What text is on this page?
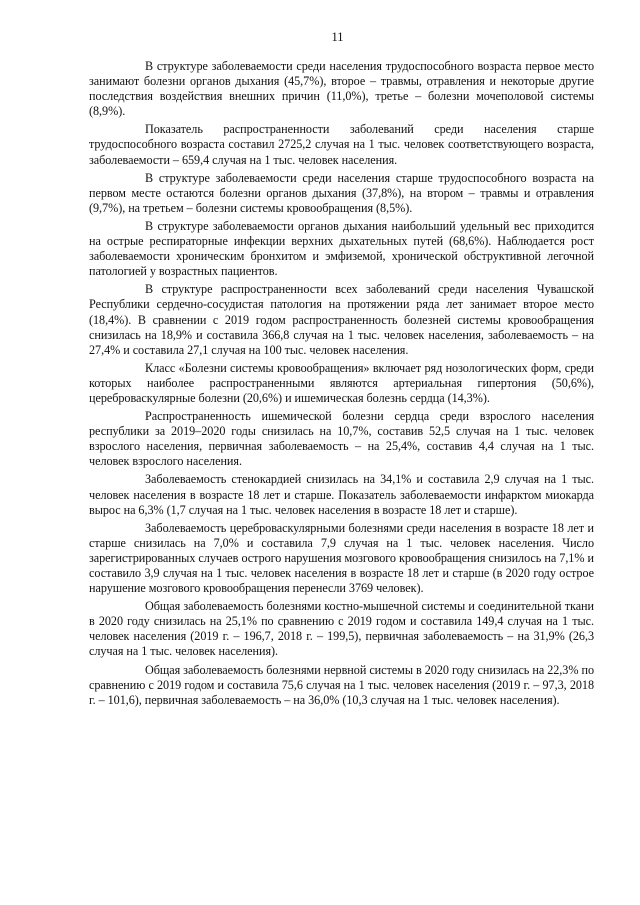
11

В структуре заболеваемости среди населения трудоспособного возраста первое место занимают болезни органов дыхания (45,7%), второе – травмы, отравления и некоторые другие последствия воздействия внешних причин (11,0%), третье – болезни мочеполовой системы (8,9%).

Показатель распространенности заболеваний среди населения старше трудоспособного возраста составил 2725,2 случая на 1 тыс. человек соответствующего возраста, заболеваемости – 659,4 случая на 1 тыс. человек населения.

В структуре заболеваемости среди населения старше трудоспособного возраста на первом месте остаются болезни органов дыхания (37,8%), на втором – травмы и отравления (9,7%), на третьем – болезни системы кровообращения (8,5%).

В структуре заболеваемости органов дыхания наибольший удельный вес приходится на острые респираторные инфекции верхних дыхательных путей (68,6%). Наблюдается рост заболеваемости хроническим бронхитом и эмфиземой, хронической обструктивной легочной патологией у возрастных пациентов.

В структуре распространенности всех заболеваний среди населения Чувашской Республики сердечно-сосудистая патология на протяжении ряда лет занимает второе место (18,4%). В сравнении с 2019 годом распространенность болезней системы кровообращения снизилась на 18,9% и составила 366,8 случая на 1 тыс. человек населения, заболеваемость – на 27,4% и составила 27,1 случая на 100 тыс. человек населения.

Класс «Болезни системы кровообращения» включает ряд нозологических форм, среди которых наиболее распространенными являются артериальная гипертония (50,6%), цереброваскулярные болезни (20,6%) и ишемическая болезнь сердца (14,3%).

Распространенность ишемической болезни сердца среди взрослого населения республики за 2019–2020 годы снизилась на 10,7%, составив 52,5 случая на 1 тыс. человек взрослого населения, первичная заболеваемость – на 25,4%, составив 4,4 случая на 1 тыс. человек взрослого населения.

Заболеваемость стенокардией снизилась на 34,1% и составила 2,9 случая на 1 тыс. человек населения в возрасте 18 лет и старше. Показатель заболеваемости инфарктом миокарда вырос на 6,3% (1,7 случая на 1 тыс. человек населения в возрасте 18 лет и старше).

Заболеваемость цереброваскулярными болезнями среди населения в возрасте 18 лет и старше снизилась на 7,0% и составила 7,9 случая на 1 тыс. человек населения. Число зарегистрированных случаев острого нарушения мозгового кровообращения снизилось на 7,1% и составило 3,9 случая на 1 тыс. человек населения в возрасте 18 лет и старше (в 2020 году острое нарушение мозгового кровообращения перенесли 3769 человек).

Общая заболеваемость болезнями костно-мышечной системы и соединительной ткани в 2020 году снизилась на 25,1% по сравнению с 2019 годом и составила 149,4 случая на 1 тыс. человек населения (2019 г. – 196,7, 2018 г. – 199,5), первичная заболеваемость – на 31,9% (26,3 случая на 1 тыс. человек населения).

Общая заболеваемость болезнями нервной системы в 2020 году снизилась на 22,3% по сравнению с 2019 годом и составила 75,6 случая на 1 тыс. человек населения (2019 г. – 97,3, 2018 г. – 101,6), первичная заболеваемость – на 36,0% (10,3 случая на 1 тыс. человек населения).
